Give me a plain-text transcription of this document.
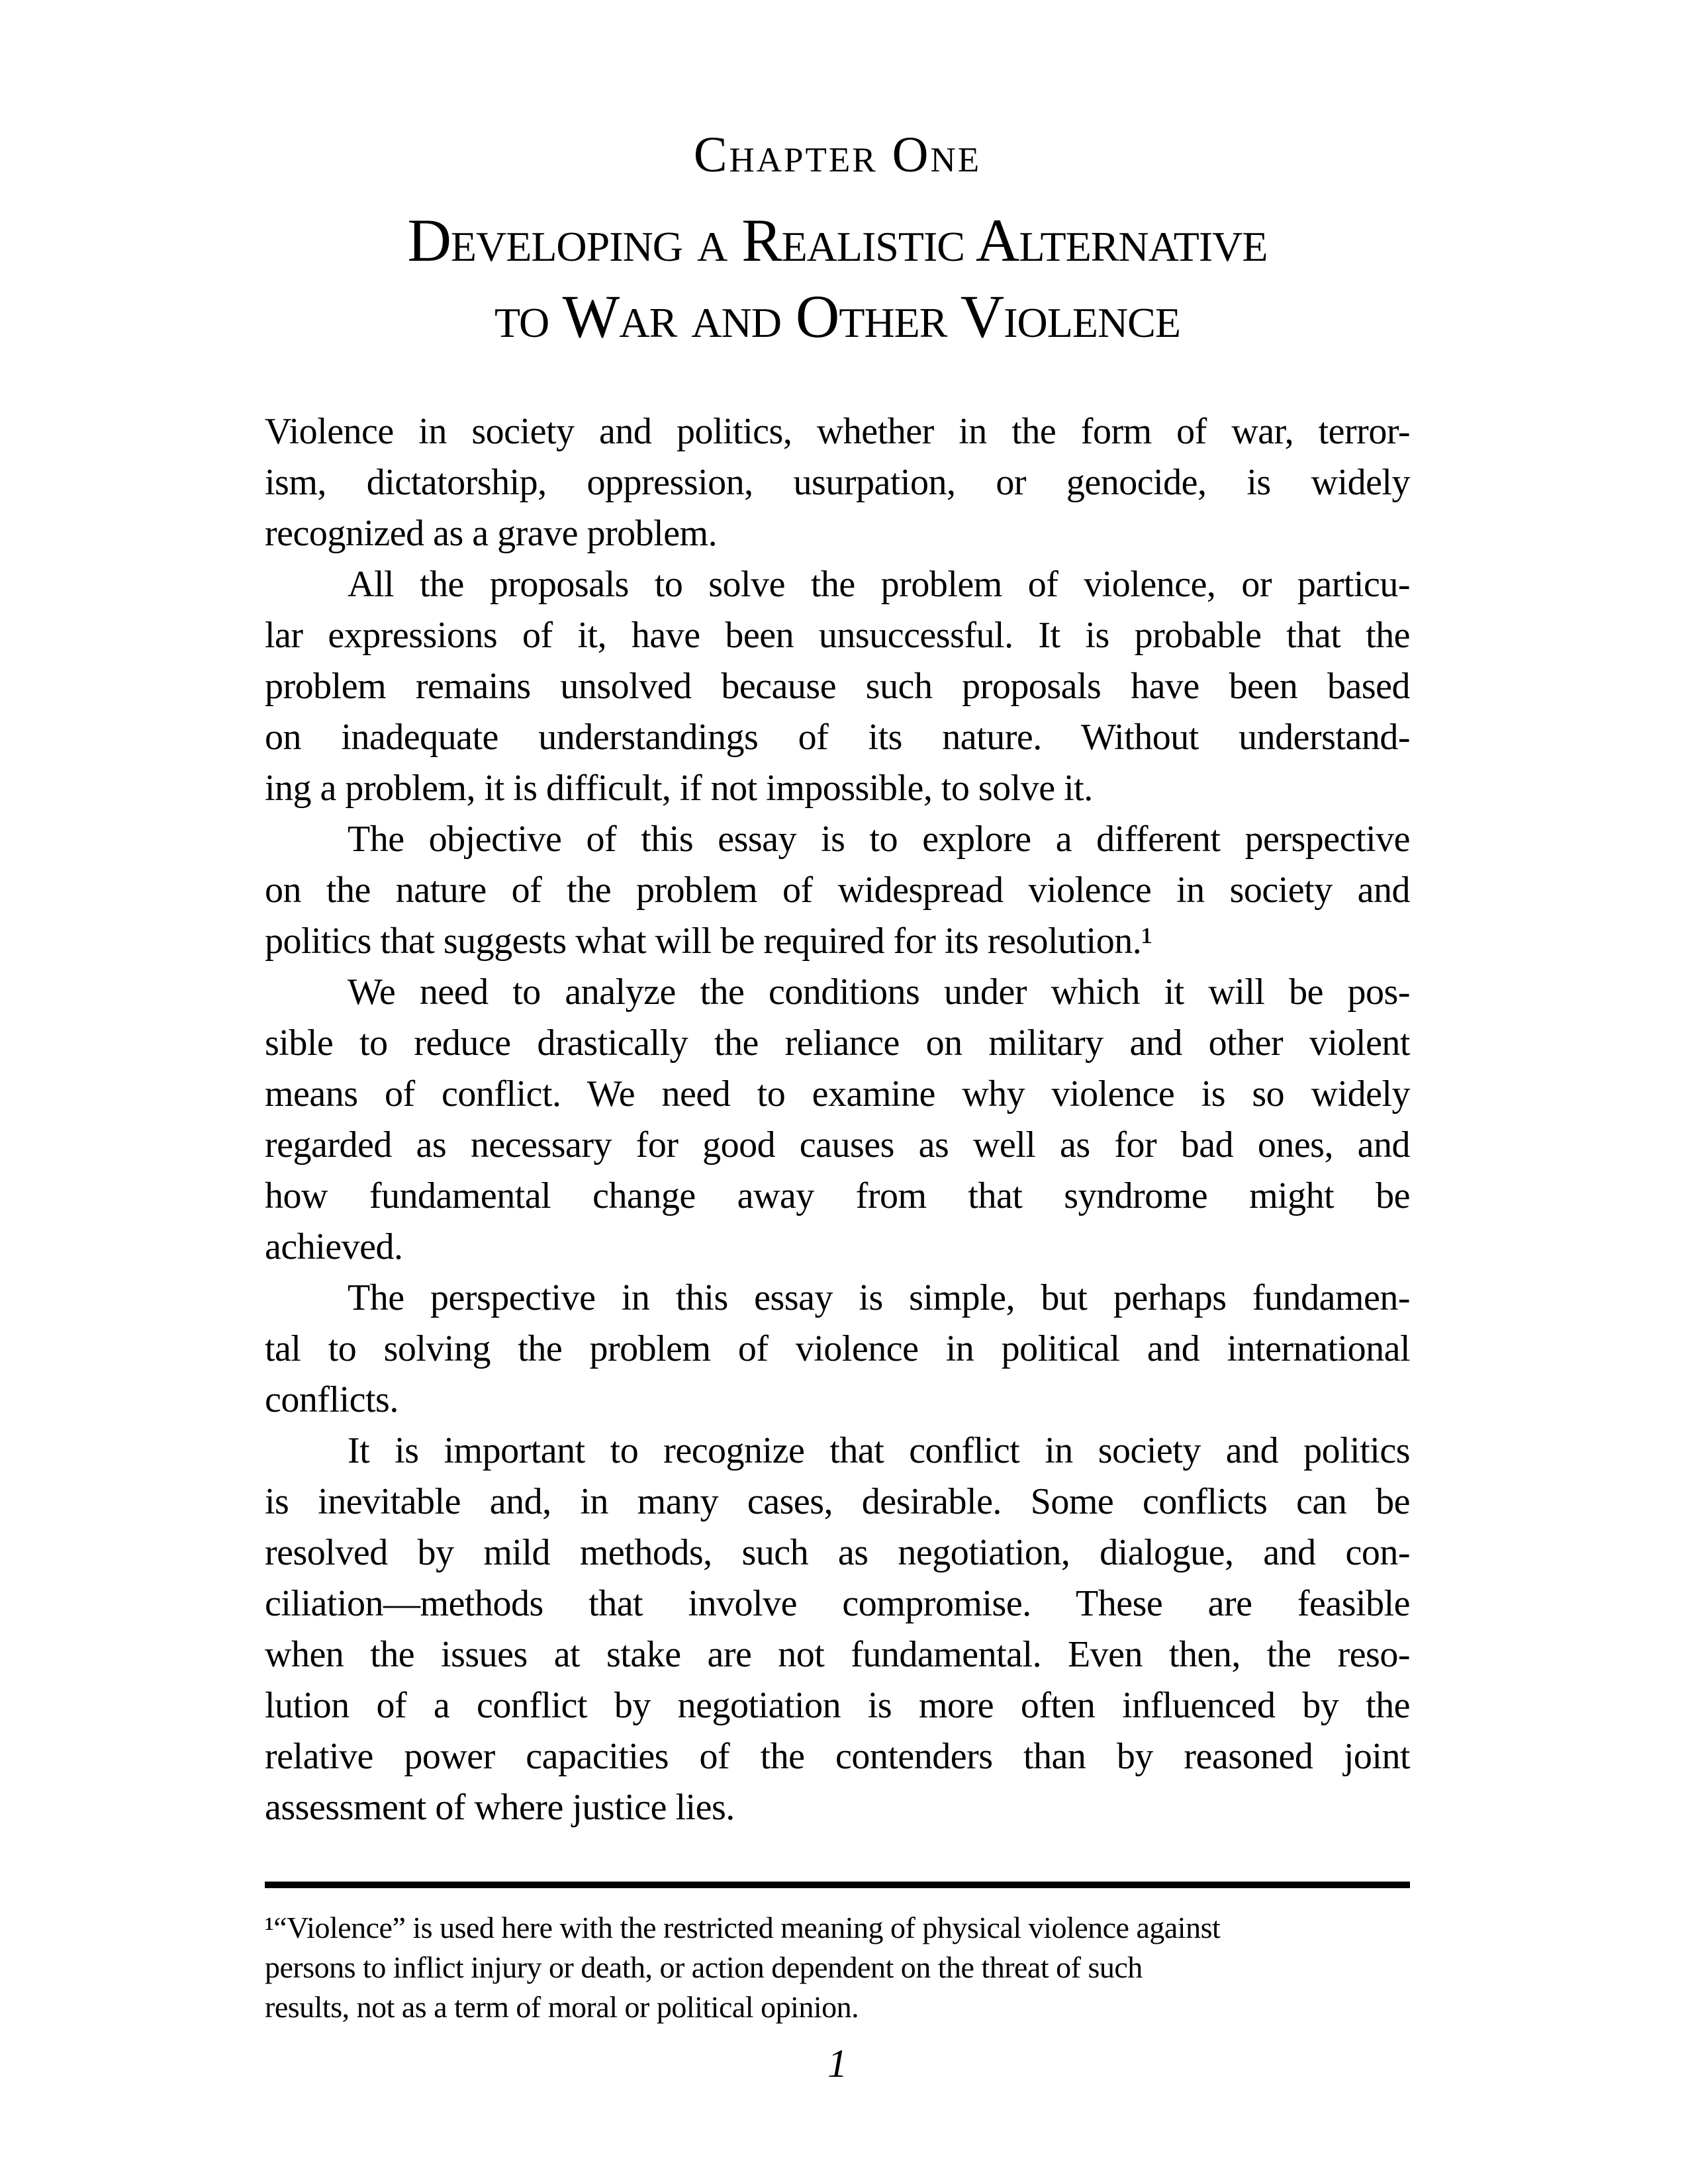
Chapter One
Developing a Realistic Alternative
to War and Other Violence
Violence in society and politics, whether in the form of war, terror-
ism, dictatorship, oppression, usurpation, or genocide, is widely
recognized as a grave problem.
All the proposals to solve the problem of violence, or particu-
lar expressions of it, have been unsuccessful. It is probable that the
problem remains unsolved because such proposals have been based
on inadequate understandings of its nature. Without understand-
ing a problem, it is difficult, if not impossible, to solve it.
The objective of this essay is to explore a different perspective
on the nature of the problem of widespread violence in society and
politics that suggests what will be required for its resolution.¹
We need to analyze the conditions under which it will be pos-
sible to reduce drastically the reliance on military and other violent
means of conflict. We need to examine why violence is so widely
regarded as necessary for good causes as well as for bad ones, and
how fundamental change away from that syndrome might be
achieved.
The perspective in this essay is simple, but perhaps fundamen-
tal to solving the problem of violence in political and international
conflicts.
It is important to recognize that conflict in society and politics
is inevitable and, in many cases, desirable. Some conflicts can be
resolved by mild methods, such as negotiation, dialogue, and con-
ciliation—methods that involve compromise. These are feasible
when the issues at stake are not fundamental. Even then, the reso-
lution of a conflict by negotiation is more often influenced by the
relative power capacities of the contenders than by reasoned joint
assessment of where justice lies.
¹“Violence” is used here with the restricted meaning of physical violence against
persons to inflict injury or death, or action dependent on the threat of such
results, not as a term of moral or political opinion.
1
